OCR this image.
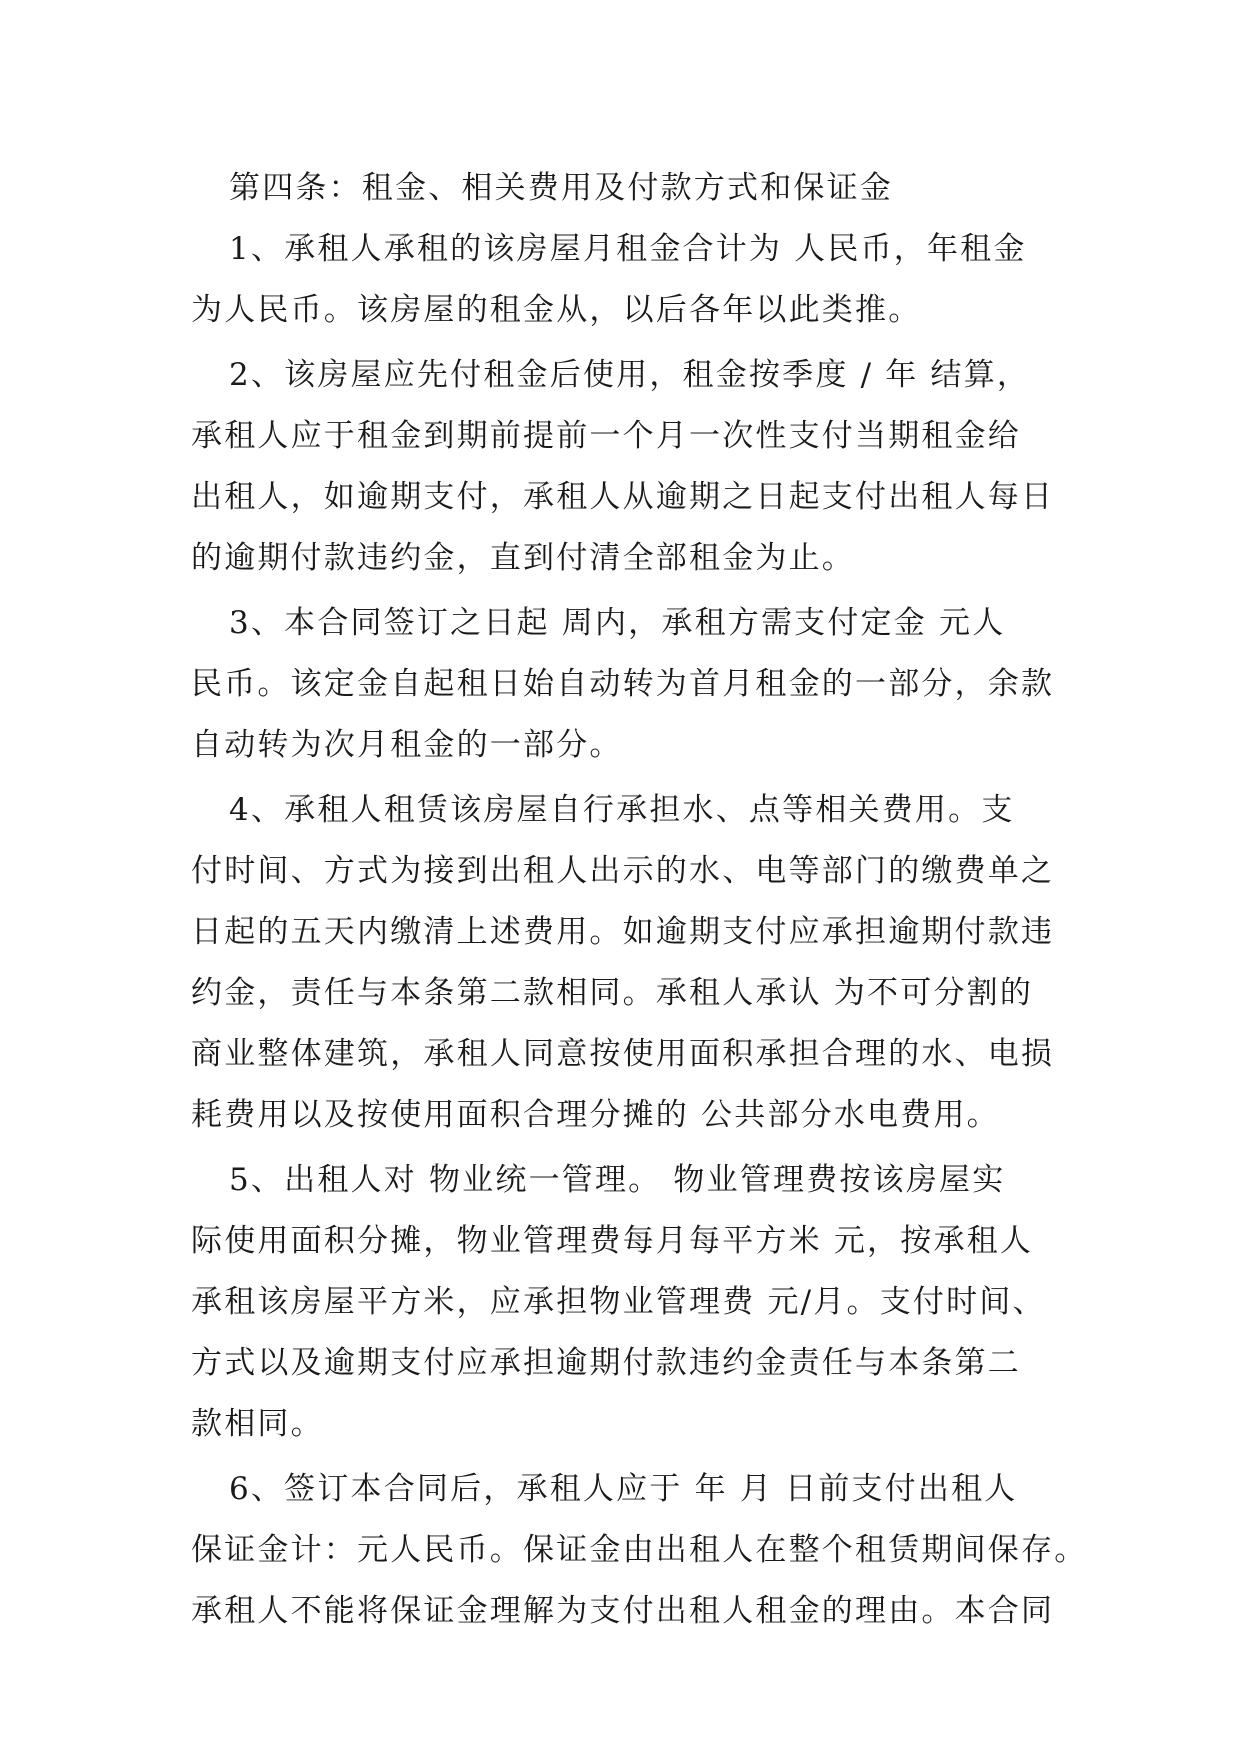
第四条：租金、相关费用及付款方式和保证金
1、承租人承租的该房屋月租金合计为 人民币，年租金
为人民币。该房屋的租金从，以后各年以此类推。
2、该房屋应先付租金后使用，租金按季度 / 年 结算，
承租人应于租金到期前提前一个月一次性支付当期租金给
出租人，如逾期支付，承租人从逾期之日起支付出租人每日
的逾期付款违约金，直到付清全部租金为止。
3、本合同签订之日起 周内，承租方需支付定金 元人
民币。该定金自起租日始自动转为首月租金的一部分，余款
自动转为次月租金的一部分。
4、承租人租赁该房屋自行承担水、点等相关费用。支
付时间、方式为接到出租人出示的水、电等部门的缴费单之
日起的五天内缴清上述费用。如逾期支付应承担逾期付款违
约金，责任与本条第二款相同。承租人承认 为不可分割的
商业整体建筑，承租人同意按使用面积承担合理的水、电损
耗费用以及按使用面积合理分摊的 公共部分水电费用。
5、出租人对 物业统一管理。 物业管理费按该房屋实
际使用面积分摊，物业管理费每月每平方米 元，按承租人
承租该房屋平方米，应承担物业管理费 元/月。支付时间、
方式以及逾期支付应承担逾期付款违约金责任与本条第二
款相同。
6、签订本合同后，承租人应于 年 月 日前支付出租人
保证金计：元人民币。保证金由出租人在整个租赁期间保存。
承租人不能将保证金理解为支付出租人租金的理由。本合同
